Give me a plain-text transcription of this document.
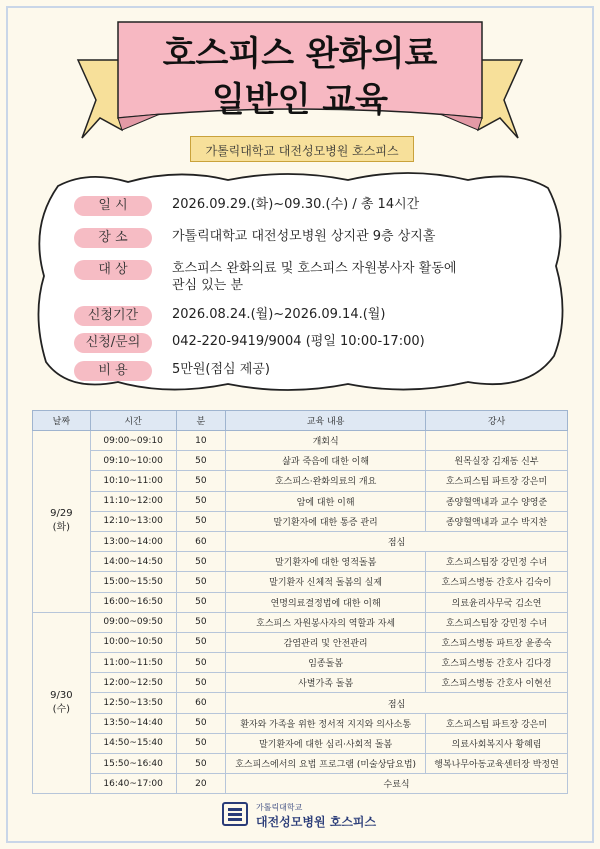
호스피스 완화의료
일반인 교육
가톨릭대학교 대전성모병원 호스피스
일 시	2026.09.29.(화)~09.30.(수) / 총 14시간
장 소	가톨릭대학교 대전성모병원 상지관 9층 상지홀
대 상	호스피스 완화의료 및 호스피스 자원봉사자 활동에
관심 있는 분
신청기간	2026.08.24.(월)~2026.09.14.(월)
신청/문의	042-220-9419/9004 (평일 10:00-17:00)
비 용	5만원(점심 제공)
날짜	시간	분	교육 내용	강사

9/29
(화)	09:00~09:10	10	개회식	
	09:10~10:00	50	삶과 죽음에 대한 이해	원목실장 김재동 신부
	10:10~11:00	50	호스피스·완화의료의 개요	호스피스팀 파트장 강은미
	11:10~12:00	50	암에 대한 이해	종양혈액내과 교수 양영준
	12:10~13:00	50	말기환자에 대한 통증 관리	종양혈액내과 교수 박지찬
	13:00~14:00	60	점심	
	14:00~14:50	50	말기환자에 대한 영적돌봄	호스피스팀장 강민정 수녀
	15:00~15:50	50	말기환자 신체적 돌봄의 실제	호스피스병동 간호사 김숙이
	16:00~16:50	50	연명의료결정법에 대한 이해	의료윤리사무국 김소연

9/30
(수)	09:00~09:50	50	호스피스 자원봉사자의 역할과 자세	호스피스팀장 강민정 수녀
	10:00~10:50	50	감염관리 및 안전관리	호스피스병동 파트장 윤종숙
	11:00~11:50	50	임종돌봄	호스피스병동 간호사 김다경
	12:00~12:50	50	사별가족 돌봄	호스피스병동 간호사 이현선
	12:50~13:50	60	점심	
	13:50~14:40	50	환자와 가족을 위한 정서적 지지와 의사소통	호스피스팀 파트장 강은미
	14:50~15:40	50	말기환자에 대한 심리·사회적 돌봄	의료사회복지사 황혜림
	15:50~16:40	50	호스피스에서의 요법 프로그램 (미술상담요법)	행복나무아동교육센터장 박정연
	16:40~17:00	20	수료식	
가톨릭대학교
대전성모병원 호스피스
